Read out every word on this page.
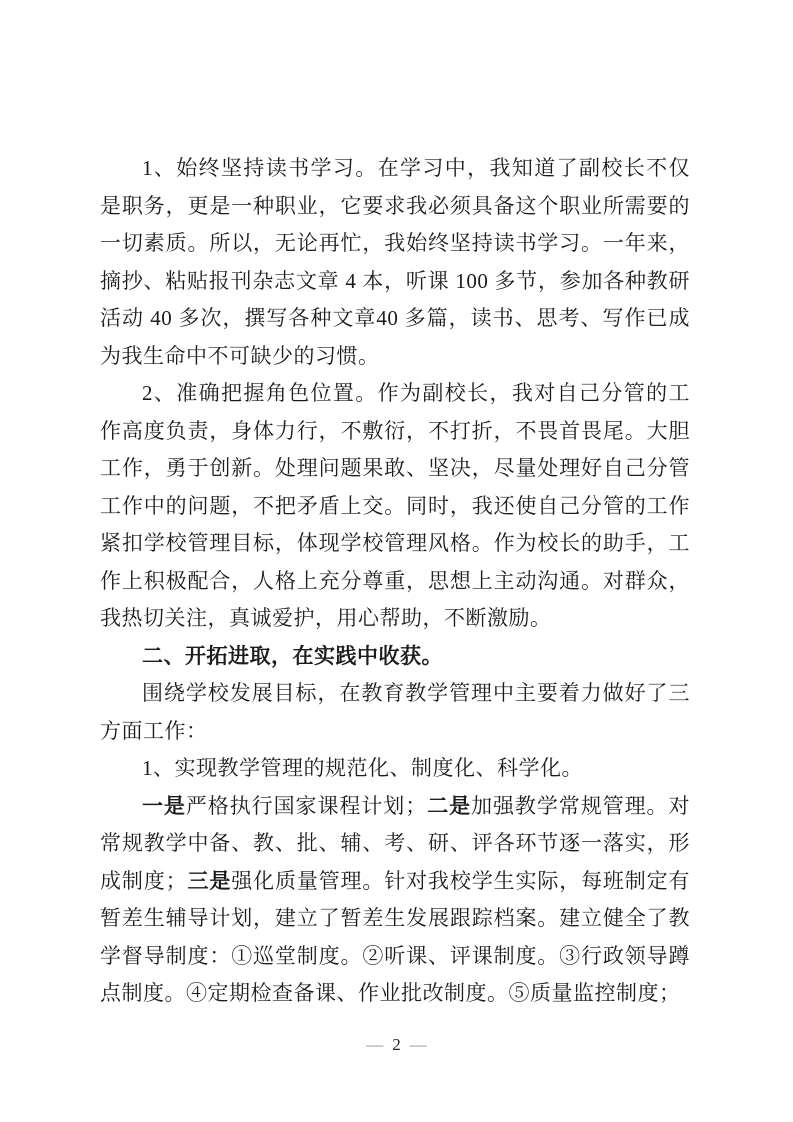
1、始终坚持读书学习。在学习中，我知道了副校长不仅是职务，更是一种职业，它要求我必须具备这个职业所需要的一切素质。所以，无论再忙，我始终坚持读书学习。一年来，摘抄、粘贴报刊杂志文章 4 本，听课 100 多节，参加各种教研活动 40 多次，撰写各种文章40 多篇，读书、思考、写作已成为我生命中不可缺少的习惯。

2、准确把握角色位置。作为副校长，我对自己分管的工作高度负责，身体力行，不敷衍，不打折，不畏首畏尾。大胆工作，勇于创新。处理问题果敢、坚决，尽量处理好自己分管工作中的问题，不把矛盾上交。同时，我还使自己分管的工作紧扣学校管理目标，体现学校管理风格。作为校长的助手，工作上积极配合，人格上充分尊重，思想上主动沟通。对群众，我热切关注，真诚爱护，用心帮助，不断激励。

二、开拓进取，在实践中收获。

围绕学校发展目标，在教育教学管理中主要着力做好了三方面工作：

1、实现教学管理的规范化、制度化、科学化。

一是严格执行国家课程计划；二是加强教学常规管理。对常规教学中备、教、批、辅、考、研、评各环节逐一落实，形成制度；三是强化质量管理。针对我校学生实际，每班制定有暂差生辅导计划，建立了暂差生发展跟踪档案。建立健全了教学督导制度：①巡堂制度。②听课、评课制度。③行政领导蹲点制度。④定期检查备课、作业批改制度。⑤质量监控制度；

— 2 —
